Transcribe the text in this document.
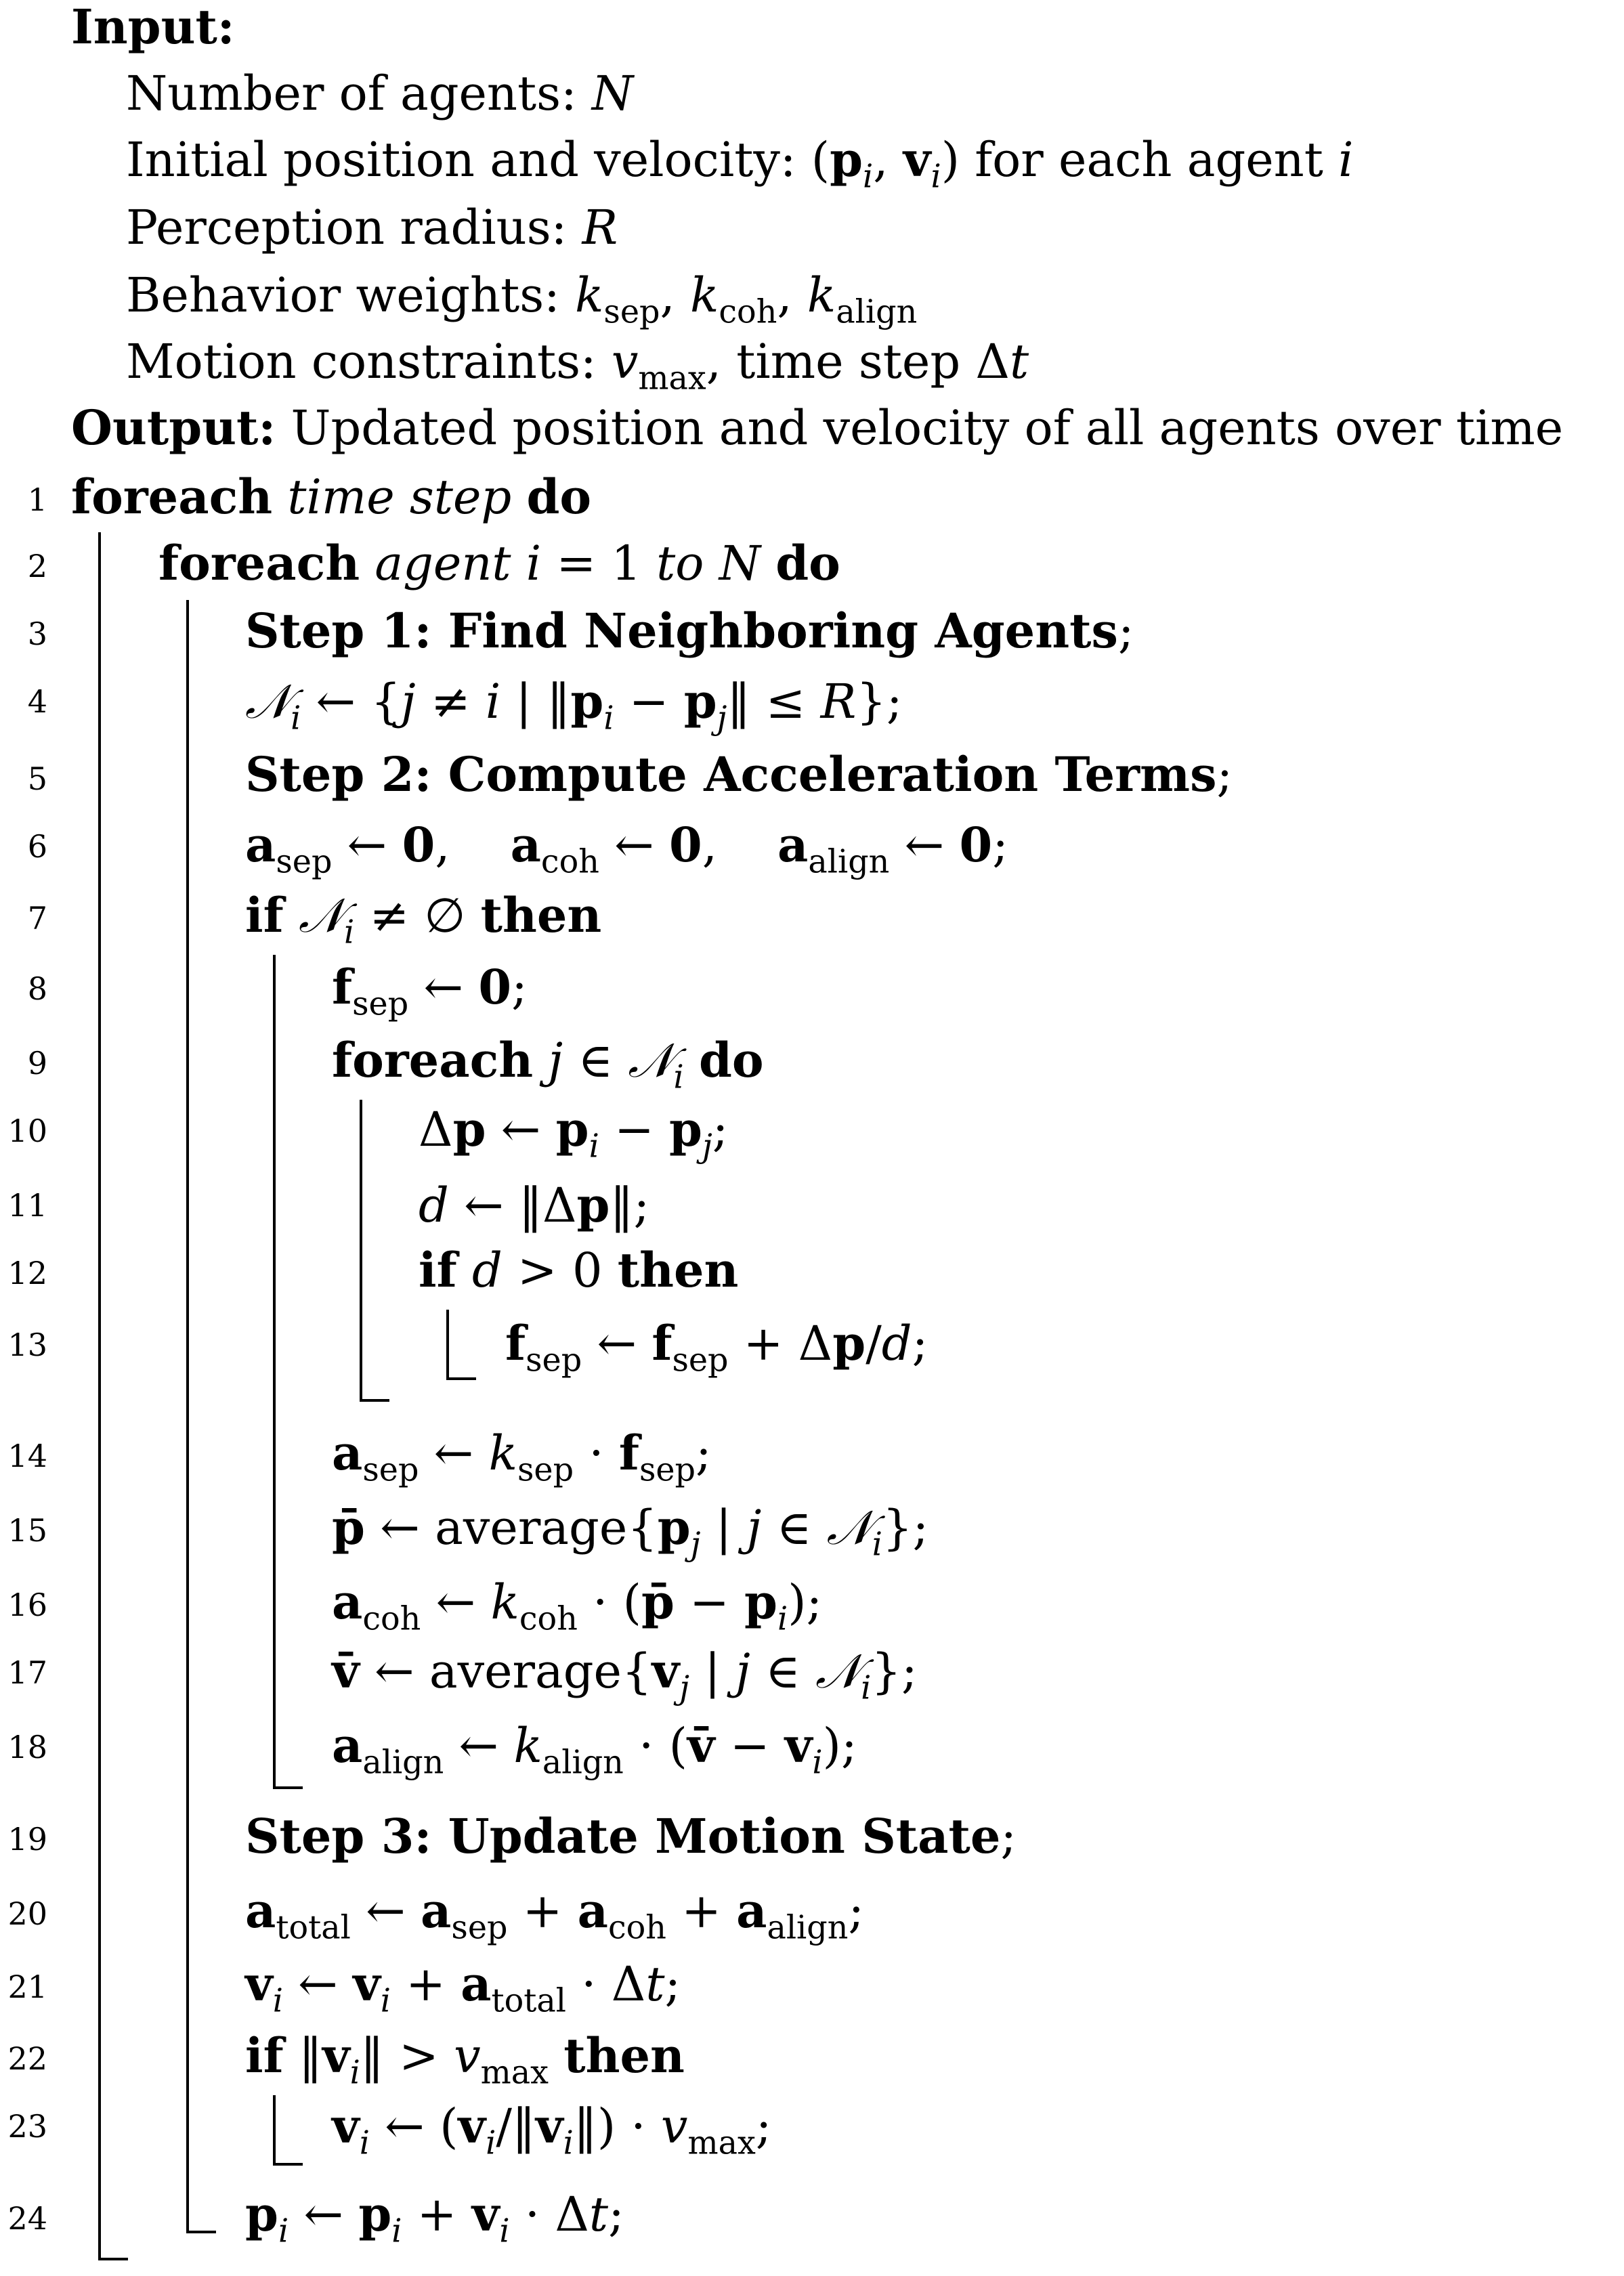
Input:
Number of agents: N
Initial position and velocity: ($p_i$, $v_i$) for each agent i
Perception radius: R
Behavior weights: $k_{sep}$, $k_{coh}$, $k_{align}$
Motion constraints: $v_{max}$, time step Δt
Output: Updated position and velocity of all agents over time
1
2
3
4
5
6
7
8
9
10
11
12
13
14
15
16
17
18
19
20
21
22
23
24
foreach time step do
foreach agent i = 1 to N do
Step 1: Find Neighboring Agents;
𝒩$_i$ ← {j ≠ i | $‖p_i$ − $p_j‖ \le R$};
Step 2: Compute Acceleration Terms;
$a_{sep}$ ← 0,    $a_{coh}$ ← 0,    $a_{align}$ ← 0;
if 𝒩$_i$ ≠ ∅ then
$f_{sep}$ ← 0;
foreach j ∈ 𝒩$_i$ do
Δp ← $p_i - p_j$;
d ← ‖Δp‖;
if d > 0 then
$f_{sep}$ ← $f_{sep} + \Delta p/d$;
$a_{sep}$ ← $k_{sep} \cdot f_{sep}$;
p̄ ← $average\{p_j$ | j ∈ 𝒩$_i$};
$a_{coh}$ ← $k_{coh}$ · (p̄ − $p_i$);
v̄ ← $average\{v_j$ | j ∈ 𝒩$_i$};
$a_{align}$ ← $k_{align}$ · (v̄ − $v_i$);
Step 3: Update Motion State;
$a_{total}$ ← $a_{sep} + a_{coh} + a_{align}$;
$v_i$ ← $v_i + a_{total} \cdot \Delta t$;
if $‖v_i‖ > v_{max}$ then
$v_i$ ← $(v_i/‖v_i‖) \cdot v_{max}$;
$p_i$ ← $p_i + v_i \cdot \Delta t$;
